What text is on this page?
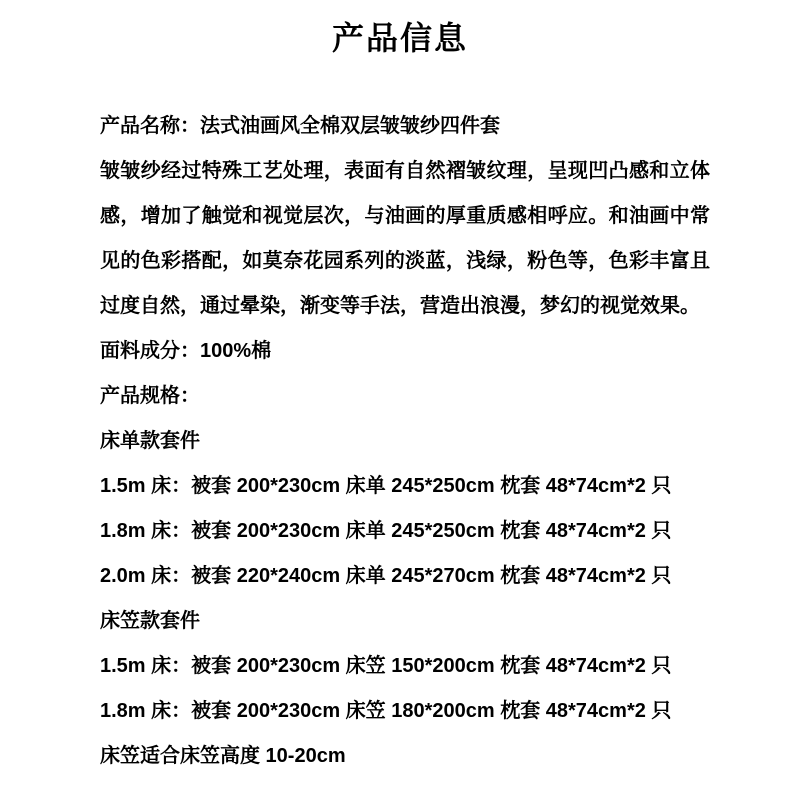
产品信息
产品名称：法式油画风全棉双层皱皱纱四件套

皱皱纱经过特殊工艺处理，表面有自然褶皱纹理，呈现凹凸感和立体感，增加了触觉和视觉层次，与油画的厚重质感相呼应。和油画中常见的色彩搭配，如莫奈花园系列的淡蓝，浅绿，粉色等，色彩丰富且过度自然，通过晕染，渐变等手法，营造出浪漫，梦幻的视觉效果。

面料成分：100%棉
产品规格：
床单款套件
1.5m 床：被套 200*230cm 床单 245*250cm 枕套 48*74cm*2 只
1.8m 床：被套 200*230cm 床单 245*250cm 枕套 48*74cm*2 只
2.0m 床：被套 220*240cm 床单 245*270cm 枕套 48*74cm*2 只
床笠款套件
1.5m 床：被套 200*230cm 床笠 150*200cm 枕套 48*74cm*2 只
1.8m 床：被套 200*230cm 床笠 180*200cm 枕套 48*74cm*2 只
床笠适合床笠高度 10-20cm
